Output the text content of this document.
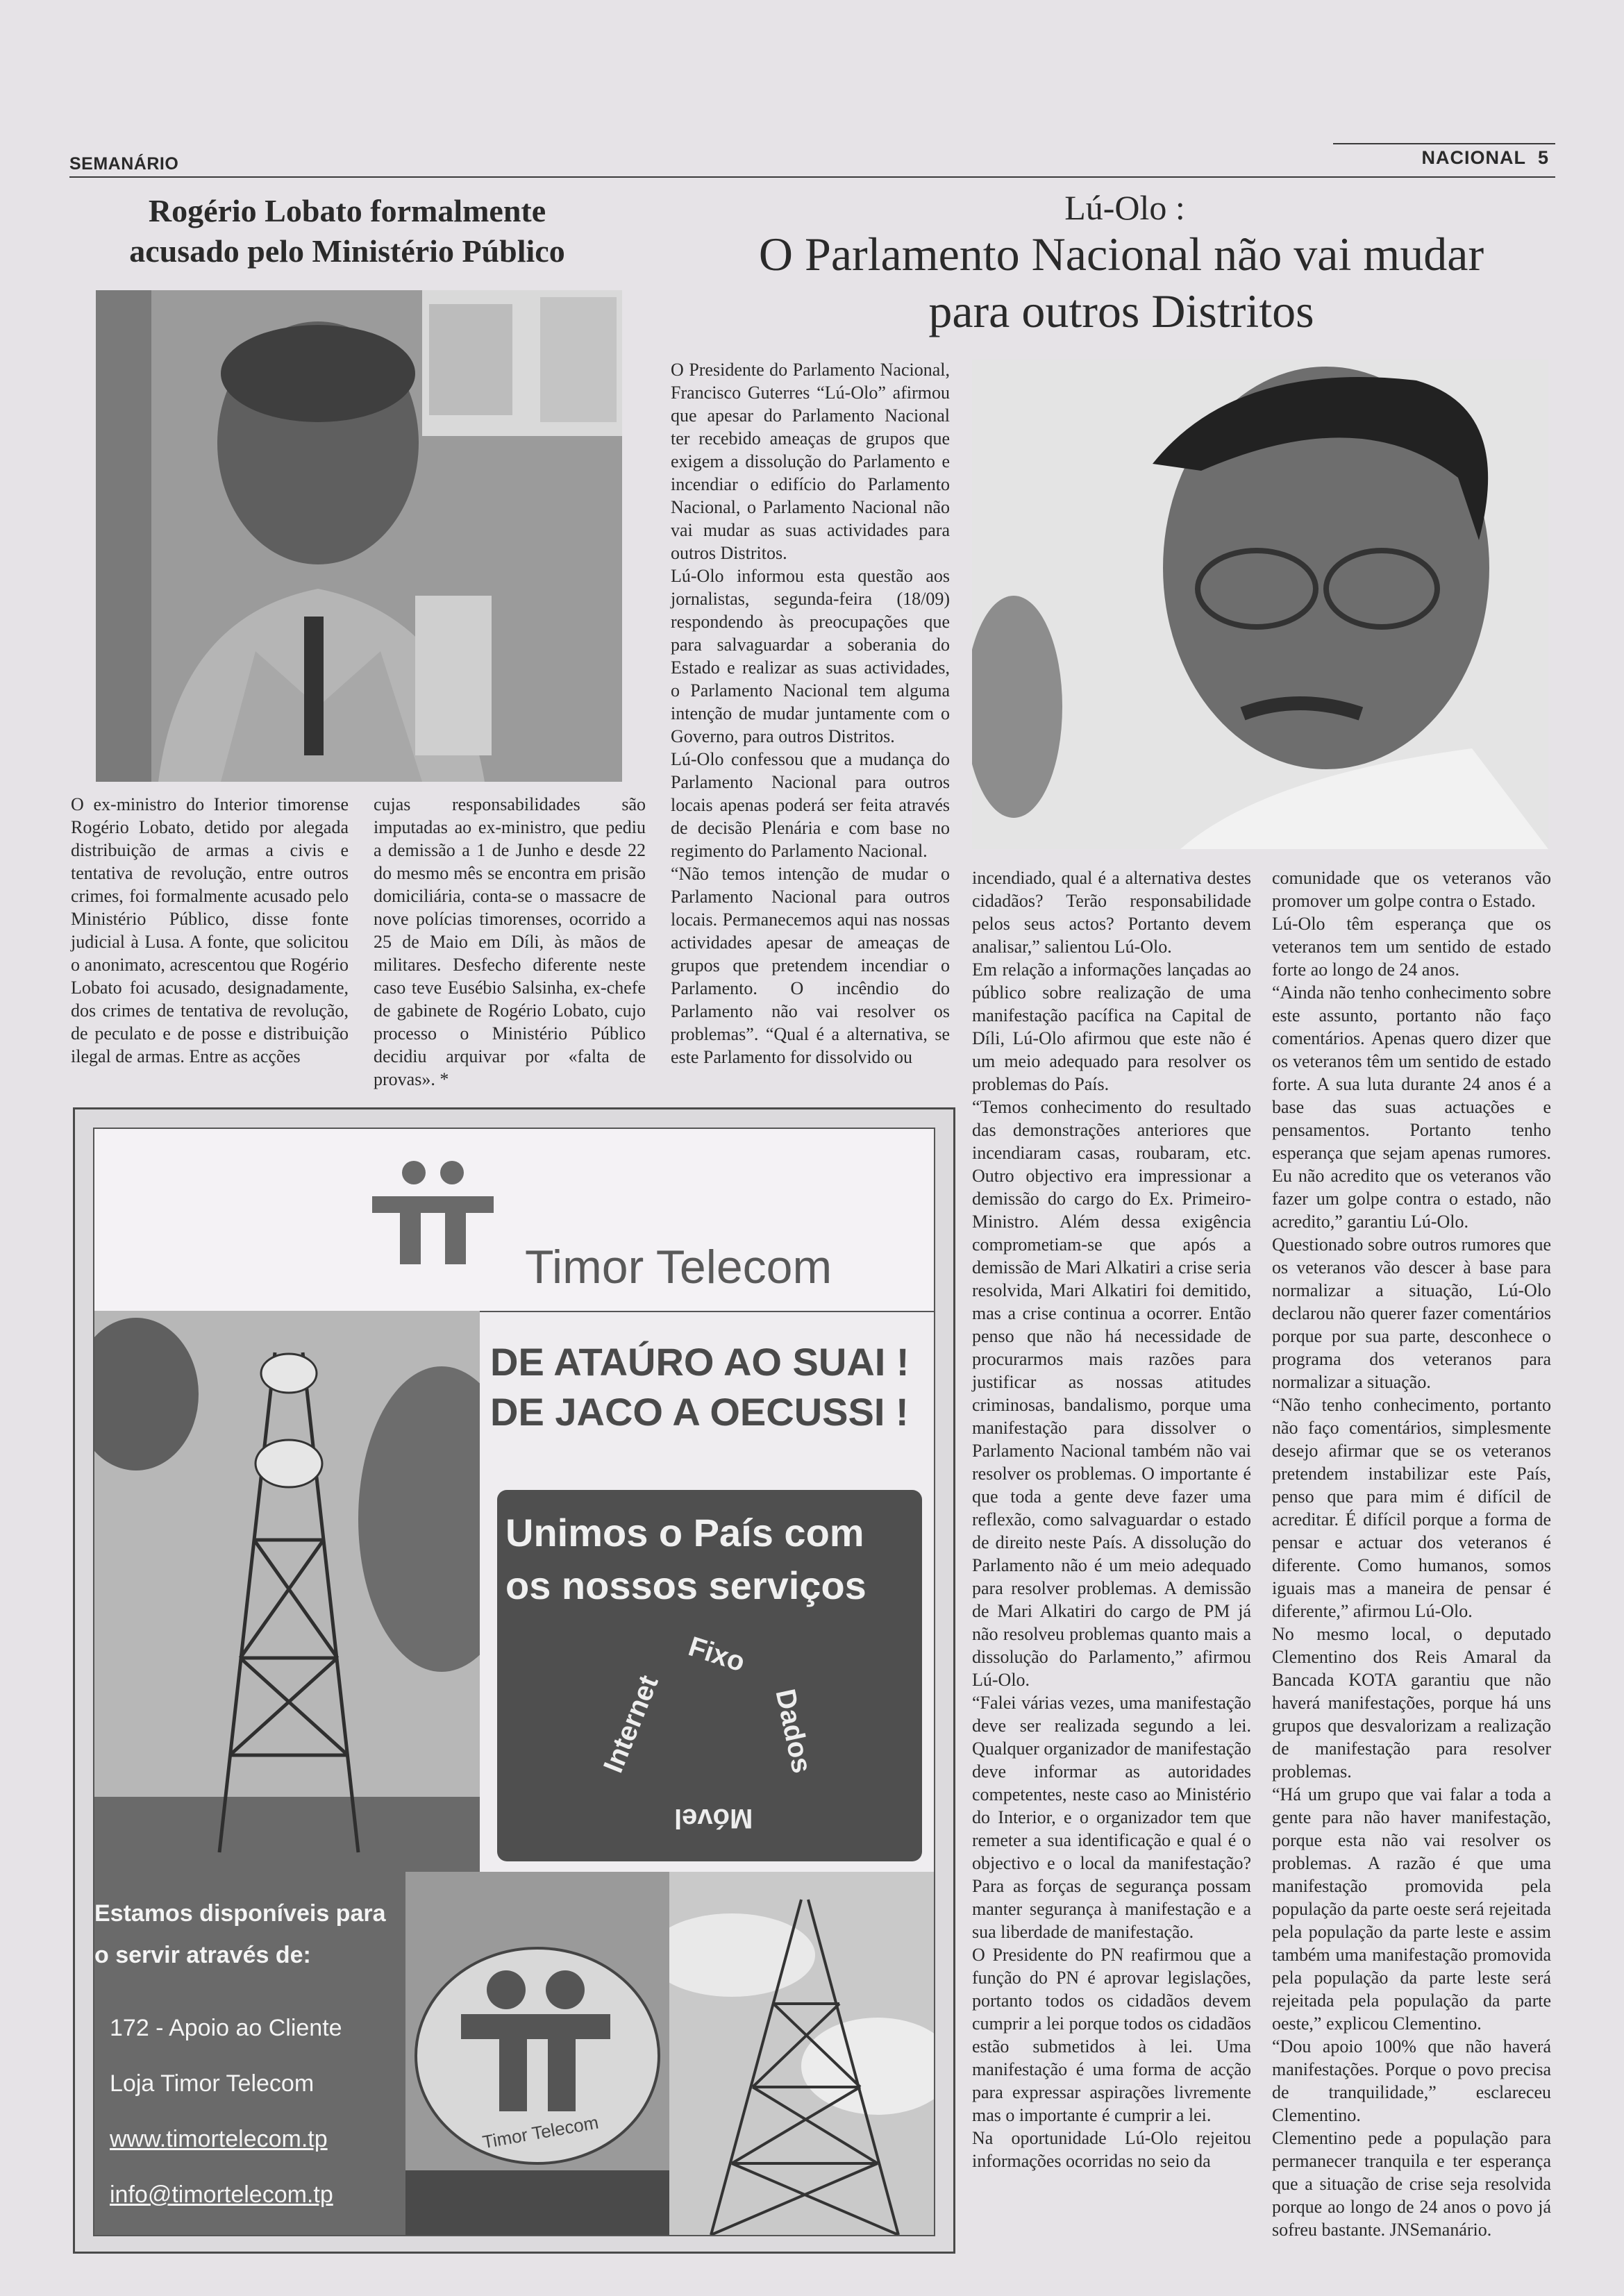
SEMANÁRIO	NACIONAL 5
Rogério Lobato formalmente
acusado pelo Ministério Público

O ex-ministro do Interior timorense Rogério Lobato, detido por alegada distribuição de armas a civis e tentativa de revolução, entre outros crimes, foi formalmente acusado pelo Ministério Público, disse fonte judicial à Lusa. A fonte, que solicitou o anonimato, acrescentou que Rogério Lobato foi acusado, designadamente, dos crimes de tentativa de revolução, de peculato e de posse e distribuição ilegal de armas. Entre as acções

cujas responsabilidades são imputadas ao ex-ministro, que pediu a demissão a 1 de Junho e desde 22 do mesmo mês se encontra em prisão domiciliária, conta-se o massacre de nove polícias timorenses, ocorrido a 25 de Maio em Díli, às mãos de militares. Desfecho diferente neste caso teve Eusébio Salsinha, ex-chefe de gabinete de Rogério Lobato, cujo processo o Ministério Público decidiu arquivar por «falta de provas». *

Lú-Olo :
O Parlamento Nacional não vai mudar
para outros Distritos

O Presidente do Parlamento Nacional, Francisco Guterres “Lú-Olo” afirmou que apesar do Parlamento Nacional ter recebido ameaças de grupos que exigem a dissolução do Parlamento e incendiar o edifício do Parlamento Nacional, o Parlamento Nacional não vai mudar as suas actividades para outros Distritos.

Lú-Olo informou esta questão aos jornalistas, segunda-feira (18/09) respondendo às preocupações que para salvaguardar a soberania do Estado e realizar as suas actividades, o Parlamento Nacional tem alguma intenção de mudar juntamente com o Governo, para outros Distritos.

Lú-Olo confessou que a mudança do Parlamento Nacional para outros locais apenas poderá ser feita através de decisão Plenária e com base no regimento do Parlamento Nacional.

“Não temos intenção de mudar o Parlamento Nacional para outros locais. Permanecemos aqui nas nossas actividades apesar de ameaças de grupos que pretendem incendiar o Parlamento. O incêndio do Parlamento não vai resolver os problemas”. “Qual é a alternativa, se este Parlamento for dissolvido ou

incendiado, qual é a alternativa destes cidadãos? Terão responsabilidade pelos seus actos? Portanto devem analisar,” salientou Lú-Olo.

Em relação a informações lançadas ao público sobre realização de uma manifestação pacífica na Capital de Díli, Lú-Olo afirmou que este não é um meio adequado para resolver os problemas do País.

“Temos conhecimento do resultado das demonstrações anteriores que incendiaram casas, roubaram, etc. Outro objectivo era impressionar a demissão do cargo do Ex. Primeiro-Ministro. Além dessa exigência comprometiam-se que após a demissão de Mari Alkatiri a crise seria resolvida, Mari Alkatiri foi demitido, mas a crise continua a ocorrer. Então penso que não há necessidade de procurarmos mais razões para justificar as nossas atitudes criminosas, bandalismo, porque uma manifestação para dissolver o Parlamento Nacional também não vai resolver os problemas. O importante é que toda a gente deve fazer uma reflexão, como salvaguardar o estado de direito neste País. A dissolução do Parlamento não é um meio adequado para resolver problemas. A demissão de Mari Alkatiri do cargo de PM já não resolveu problemas quanto mais a dissolução do Parlamento,” afirmou Lú-Olo.

“Falei várias vezes, uma manifestação deve ser realizada segundo a lei. Qualquer organizador de manifestação deve informar as autoridades competentes, neste caso ao Ministério do Interior, e o organizador tem que remeter a sua identificação e qual é o objectivo e o local da manifestação? Para as forças de segurança possam manter segurança à manifestação e a sua liberdade de manifestação.

O Presidente do PN reafirmou que a função do PN é aprovar legislações, portanto todos os cidadãos devem cumprir a lei porque todos os cidadãos estão submetidos à lei. Uma manifestação é uma forma de acção para expressar aspirações livremente mas o importante é cumprir a lei.

Na oportunidade Lú-Olo rejeitou informações ocorridas no seio da

comunidade que os veteranos vão promover um golpe contra o Estado.

Lú-Olo têm esperança que os veteranos tem um sentido de estado forte ao longo de 24 anos.

“Ainda não tenho conhecimento sobre este assunto, portanto não faço comentários. Apenas quero dizer que os veteranos têm um sentido de estado forte. A sua luta durante 24 anos é a base das suas actuações e pensamentos. Portanto tenho esperança que sejam apenas rumores. Eu não acredito que os veteranos vão fazer um golpe contra o estado, não acredito,” garantiu Lú-Olo.

Questionado sobre outros rumores que os veteranos vão descer à base para normalizar a situação, Lú-Olo declarou não querer fazer comentários porque por sua parte, desconhece o programa dos veteranos para normalizar a situação.

“Não tenho conhecimento, portanto não faço comentários, simplesmente desejo afirmar que se os veteranos pretendem instabilizar este País, penso que para mim é difícil de acreditar. É difícil porque a forma de pensar e actuar dos veteranos é diferente. Como humanos, somos iguais mas a maneira de pensar é diferente,” afirmou Lú-Olo.

No mesmo local, o deputado Clementino dos Reis Amaral da Bancada KOTA garantiu que não haverá manifestações, porque há uns grupos que desvalorizam a realização de manifestação para resolver problemas.

“Há um grupo que vai falar a toda a gente para não haver manifestação, porque esta não vai resolver os problemas. A razão é que uma manifestação promovida pela população da parte oeste será rejeitada pela população da parte leste e assim também uma manifestação promovida pela população da parte leste será rejeitada pela população da parte oeste,” explicou Clementino.

“Dou apoio 100% que não haverá manifestações. Porque o povo precisa de tranquilidade,” esclareceu Clementino.

Clementino pede a população para permanecer tranquila e ter esperança que a situação de crise seja resolvida porque ao longo de 24 anos o povo já sofreu bastante. JNSemanário.

Timor Telecom
DE ATAÚRO AO SUAI !
DE JACO A OECUSSI !
Unimos o País com
os nossos serviços
Fixo
Dados
Móvel
Internet
Estamos disponíveis para
o servir através de:
172 - Apoio ao Cliente
Loja Timor Telecom
www.timortelecom.tp
info@timortelecom.tp
Timor Telecom
